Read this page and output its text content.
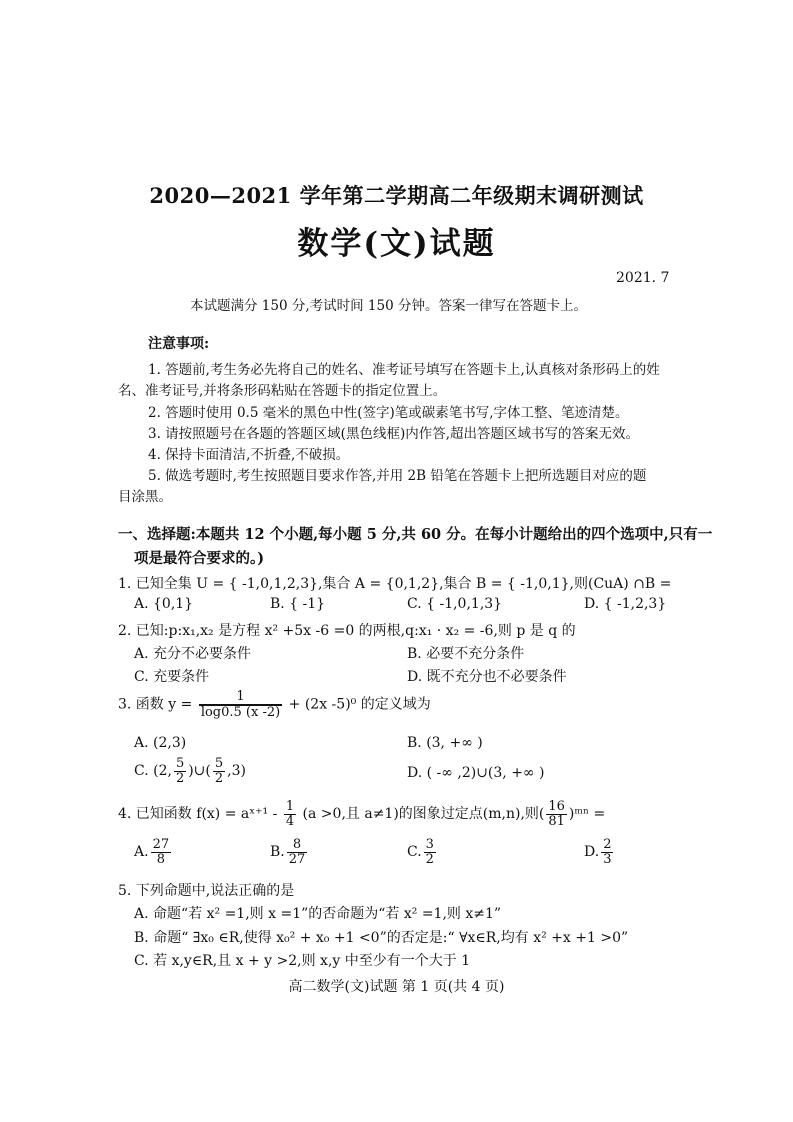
2020—2021 学年第二学期高二年级期末调研测试
数学(文)试题
2021. 7
本试题满分 150 分,考试时间 150 分钟。答案一律写在答题卡上。
注意事项:
1. 答题前,考生务必先将自己的姓名、准考证号填写在答题卡上,认真核对条形码上的姓
名、准考证号,并将条形码粘贴在答题卡的指定位置上。
2. 答题时使用 0.5 毫米的黑色中性(签字)笔或碳素笔书写,字体工整、笔迹清楚。
3. 请按照题号在各题的答题区域(黑色线框)内作答,超出答题区域书写的答案无效。
4. 保持卡面清洁,不折叠,不破损。
5. 做选考题时,考生按照题目要求作答,并用 2B 铅笔在答题卡上把所选题目对应的题
目涂黑。
一、选择题:本题共 12 个小题,每小题 5 分,共 60 分。在每小计题给出的四个选项中,只有一
项是最符合要求的。)
1. 已知全集 U = { -1,0,1,2,3},集合 A = {0,1,2},集合 B = { -1,0,1},则(CuA) ∩B =
A. {0,1}	B. { -1}	C. { -1,0,1,3}	D. { -1,2,3}
2. 已知:p:x₁,x₂ 是方程 x² +5x -6 =0 的两根,q:x₁ · x₂ = -6,则 p 是 q 的
A. 充分不必要条件	B. 必要不充分条件
C. 充要条件	D. 既不充分也不必要条件
3. 函数 $y = \frac{1}{\log 0.5 (x -2)} + (2x$ -5)⁰ 的定义域为
A. (2,3)	B. (3, +∞ )
C. (2, $\frac{5}{2}$ )∪( $\frac{5}{2} ,3$)	D. ( -∞ ,2)∪(3, +∞ )
4. 已知函数 f(x) = aˣ⁺¹ - $\frac{1}{4} (a >0$,且 a≠1)的图象过定点(m,n),则( $\frac{16}{81}$ )ᵐⁿ =
A. $\frac{27}{8}$	B. $\frac{8}{27}$	C. $\frac{3}{2}$	D. $\frac{2}{3}$
5. 下列命题中,说法正确的是
A. 命题“若 x² =1,则 x =1”的否命题为“若 x² =1,则 x≠1”
B. 命题“ ∃x₀ ∈R,使得 x₀² + x₀ +1 <0”的否定是:“ ∀x∈R,均有 x² +x +1 >0”
C. 若 x,y∈R,且 x + y >2,则 x,y 中至少有一个大于 1
高二数学(文)试题 第 1 页(共 4 页)
